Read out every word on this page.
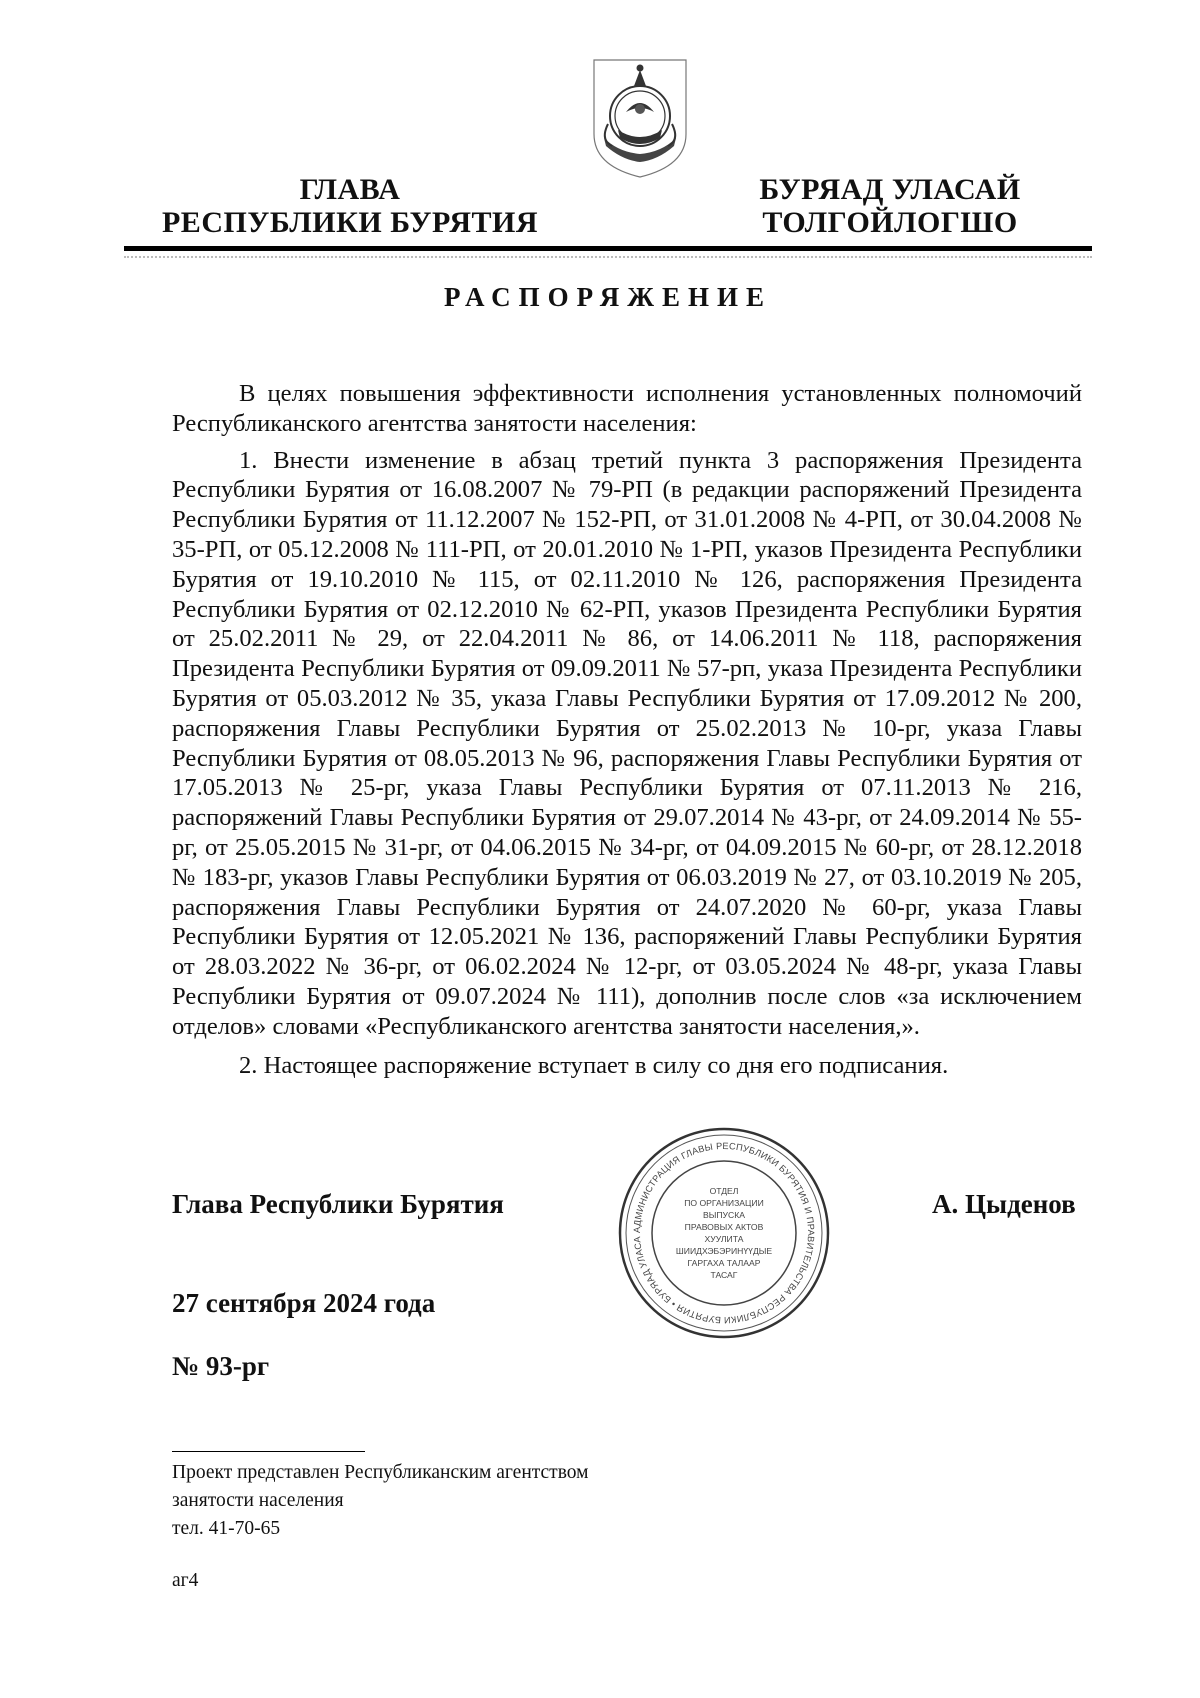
ГЛАВА
РЕСПУБЛИКИ БУРЯТИЯ
БУРЯАД УЛАСАЙ
ТОЛГОЙЛОГШО
РАСПОРЯЖЕНИЕ

В целях повышения эффективности исполнения установленных полномочий Республиканского агентства занятости населения:

1. Внести изменение в абзац третий пункта 3 распоряжения Президента Республики Бурятия от 16.08.2007 № 79-РП (в редакции распоряжений Президента Республики Бурятия от 11.12.2007 № 152-РП, от 31.01.2008 № 4-РП, от 30.04.2008 № 35-РП, от 05.12.2008 № 111-РП, от 20.01.2010 № 1-РП, указов Президента Республики Бурятия от 19.10.2010 № 115, от 02.11.2010 № 126, распоряжения Президента Республики Бурятия от 02.12.2010 № 62-РП, указов Президента Республики Бурятия от 25.02.2011 № 29, от 22.04.2011 № 86, от 14.06.2011 № 118, распоряжения Президента Республики Бурятия от 09.09.2011 № 57-рп, указа Президента Республики Бурятия от 05.03.2012 № 35, указа Главы Республики Бурятия от 17.09.2012 № 200, распоряжения Главы Республики Бурятия от 25.02.2013 № 10-рг, указа Главы Республики Бурятия от 08.05.2013 № 96, распоряжения Главы Республики Бурятия от 17.05.2013 № 25-рг, указа Главы Республики Бурятия от 07.11.2013 № 216, распоряжений Главы Республики Бурятия от 29.07.2014 № 43-рг, от 24.09.2014 № 55-рг, от 25.05.2015 № 31-рг, от 04.06.2015 № 34-рг, от 04.09.2015 № 60-рг, от 28.12.2018 № 183-рг, указов Главы Республики Бурятия от 06.03.2019 № 27, от 03.10.2019 № 205, распоряжения Главы Республики Бурятия от 24.07.2020 № 60-рг, указа Главы Республики Бурятия от 12.05.2021 № 136, распоряжений Главы Республики Бурятия от 28.03.2022 № 36-рг, от 06.02.2024 № 12-рг, от 03.05.2024 № 48-рг, указа Главы Республики Бурятия от 09.07.2024 № 111), дополнив после слов «за исключением отделов» словами «Республиканского агентства занятости населения,».

2. Настоящее распоряжение вступает в силу со дня его подписания.

Глава Республики Бурятия	А. Цыденов
АДМИНИСТРАЦИЯ ГЛАВЫ РЕСПУБЛИКИ БУРЯТИЯ И ПРАВИТЕЛЬСТВА РЕСПУБЛИКИ БУРЯТИЯ • БУРЯАД УЛАСА
ОТДЕЛ
ПО ОРГАНИЗАЦИИ
ВЫПУСКА
ПРАВОВЫХ АКТОВ
ХУУЛИТА
ШИИДХЭБЭРИНҮҮДЫЕ
ГАРГАХА ТАЛААР
ТАСАГ
27 сентября 2024 года
№ 93-рг
Проект представлен Республиканским агентством
занятости населения
тел. 41-70-65
аг4
